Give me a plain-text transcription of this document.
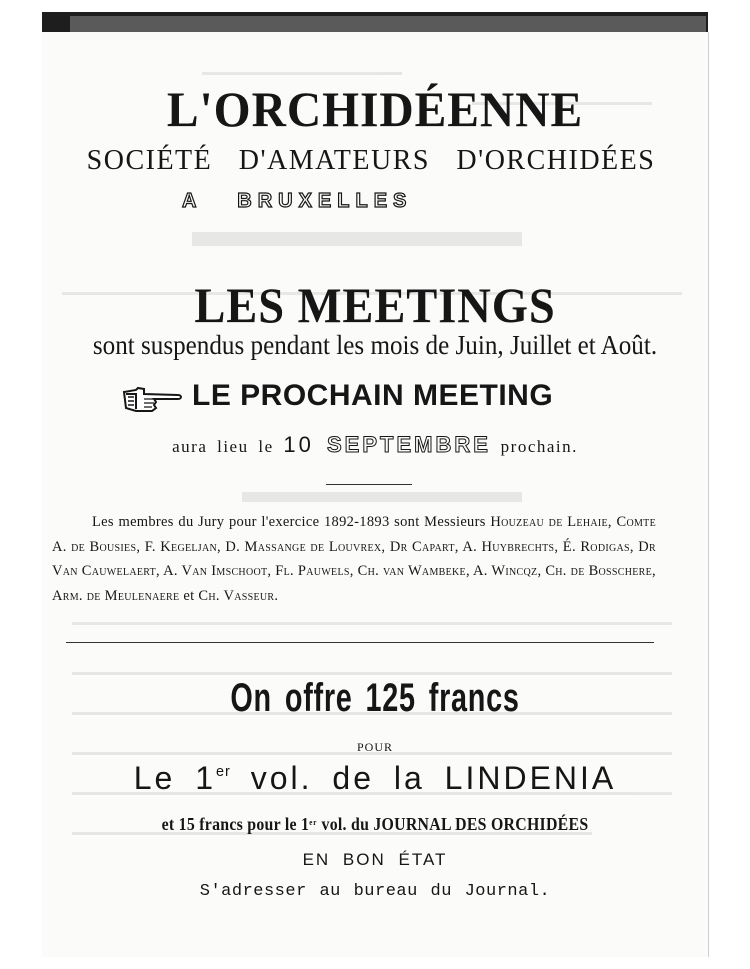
L'ORCHIDÉENNE
SOCIÉTÉ D'AMATEURS D'ORCHIDÉES
A BRUXELLES
LES MEETINGS
sont suspendus pendant les mois de Juin, Juillet et Août.
LE PROCHAIN MEETING
aura lieu le 10 SEPTEMBRE prochain.
Les membres du Jury pour l'exercice 1892-1893 sont Messieurs Houzeau de Lehaie, Comte A. de Bousies, F. Kegeljan, D. Massange de Louvrex, Dr Capart, A. Huybrechts, É. Rodigas, Dr Van Cauwelaert, A. Van Imschoot, Fl. Pauwels, Ch. van Wambeke, A. Wincqz, Ch. de Bosschere, Arm. de Meulenaere et Ch. Vasseur.
On offre 125 francs
POUR
Le 1er vol. de la LINDENIA
et 15 francs pour le 1er vol. du JOURNAL DES ORCHIDÉES
EN BON ÉTAT
S'adresser au bureau du Journal.
